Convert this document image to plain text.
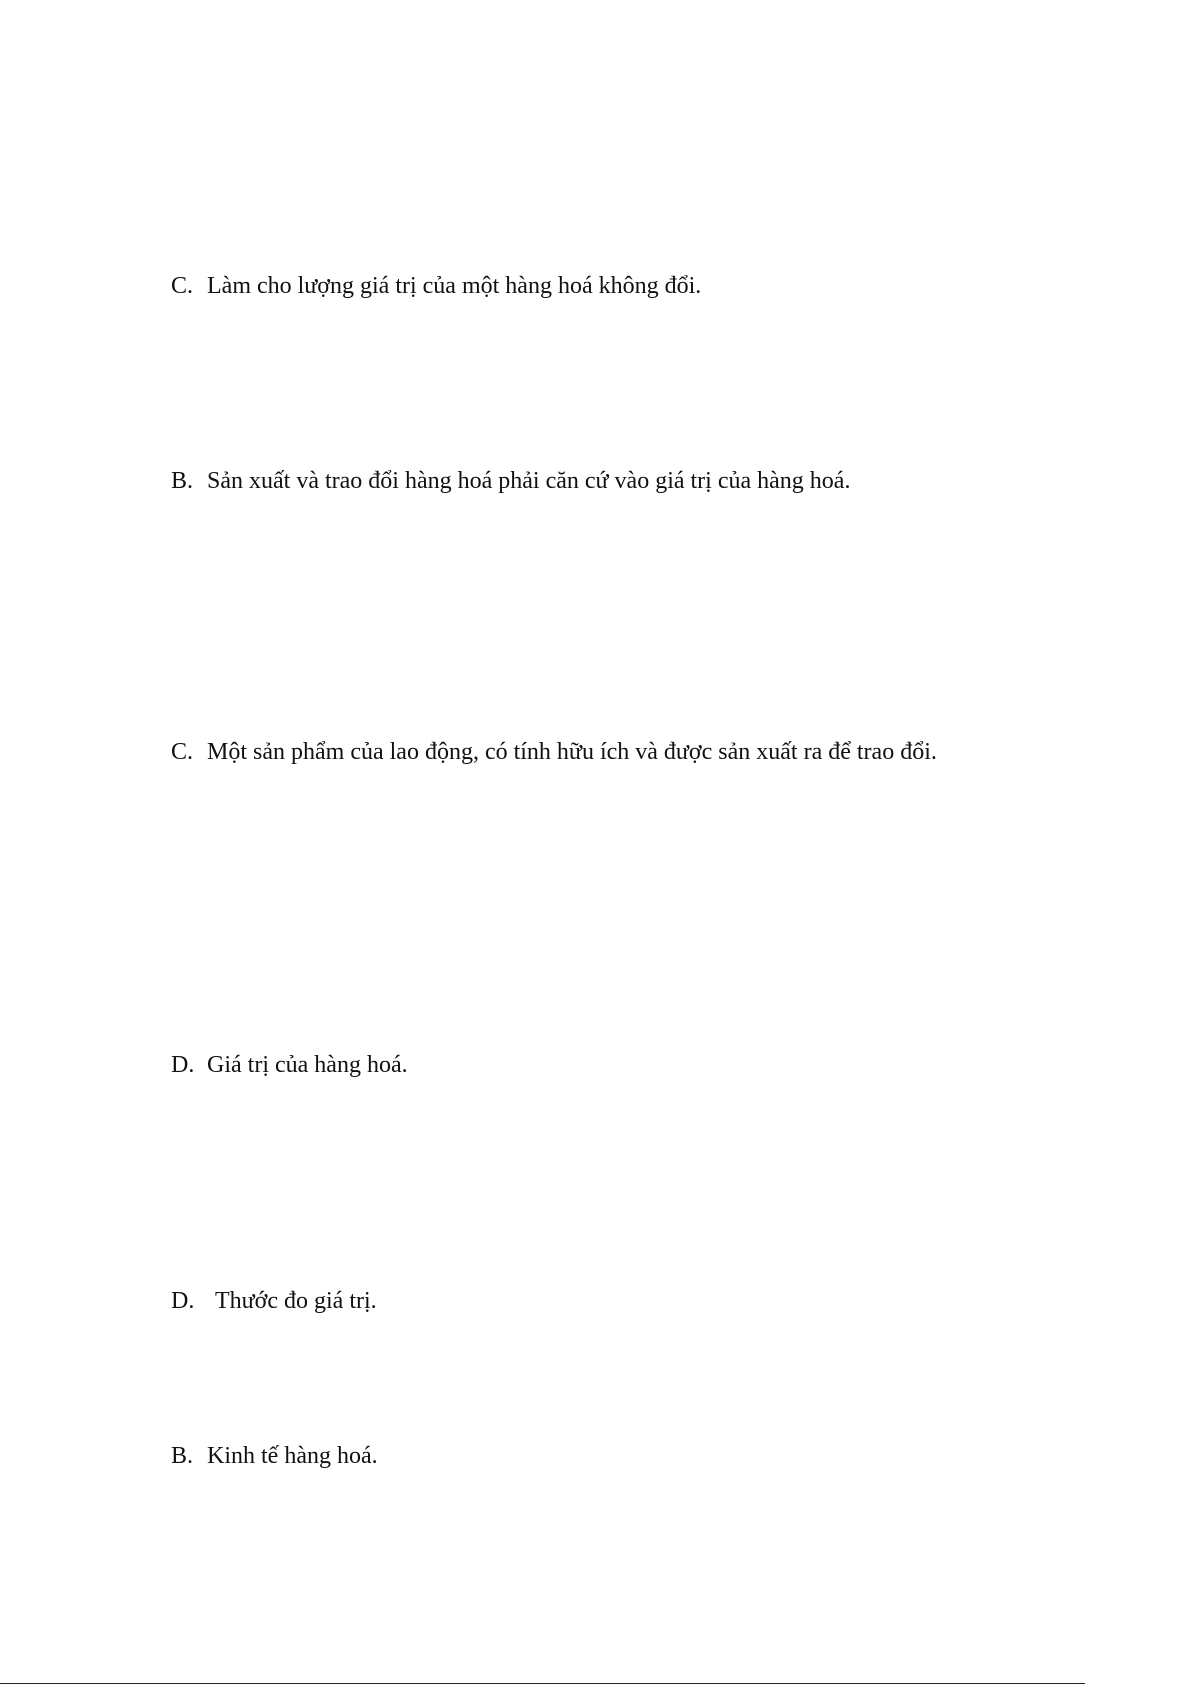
C. Làm cho lượng giá trị của một hàng hoá không đổi.
B. Sản xuất và trao đổi hàng hoá phải căn cứ vào giá trị của hàng hoá.
C. Một sản phẩm của lao động, có tính hữu ích và được sản xuất ra để trao đổi.
D. Giá trị của hàng hoá.
D. Thước đo giá trị.
B. Kinh tế hàng hoá.
